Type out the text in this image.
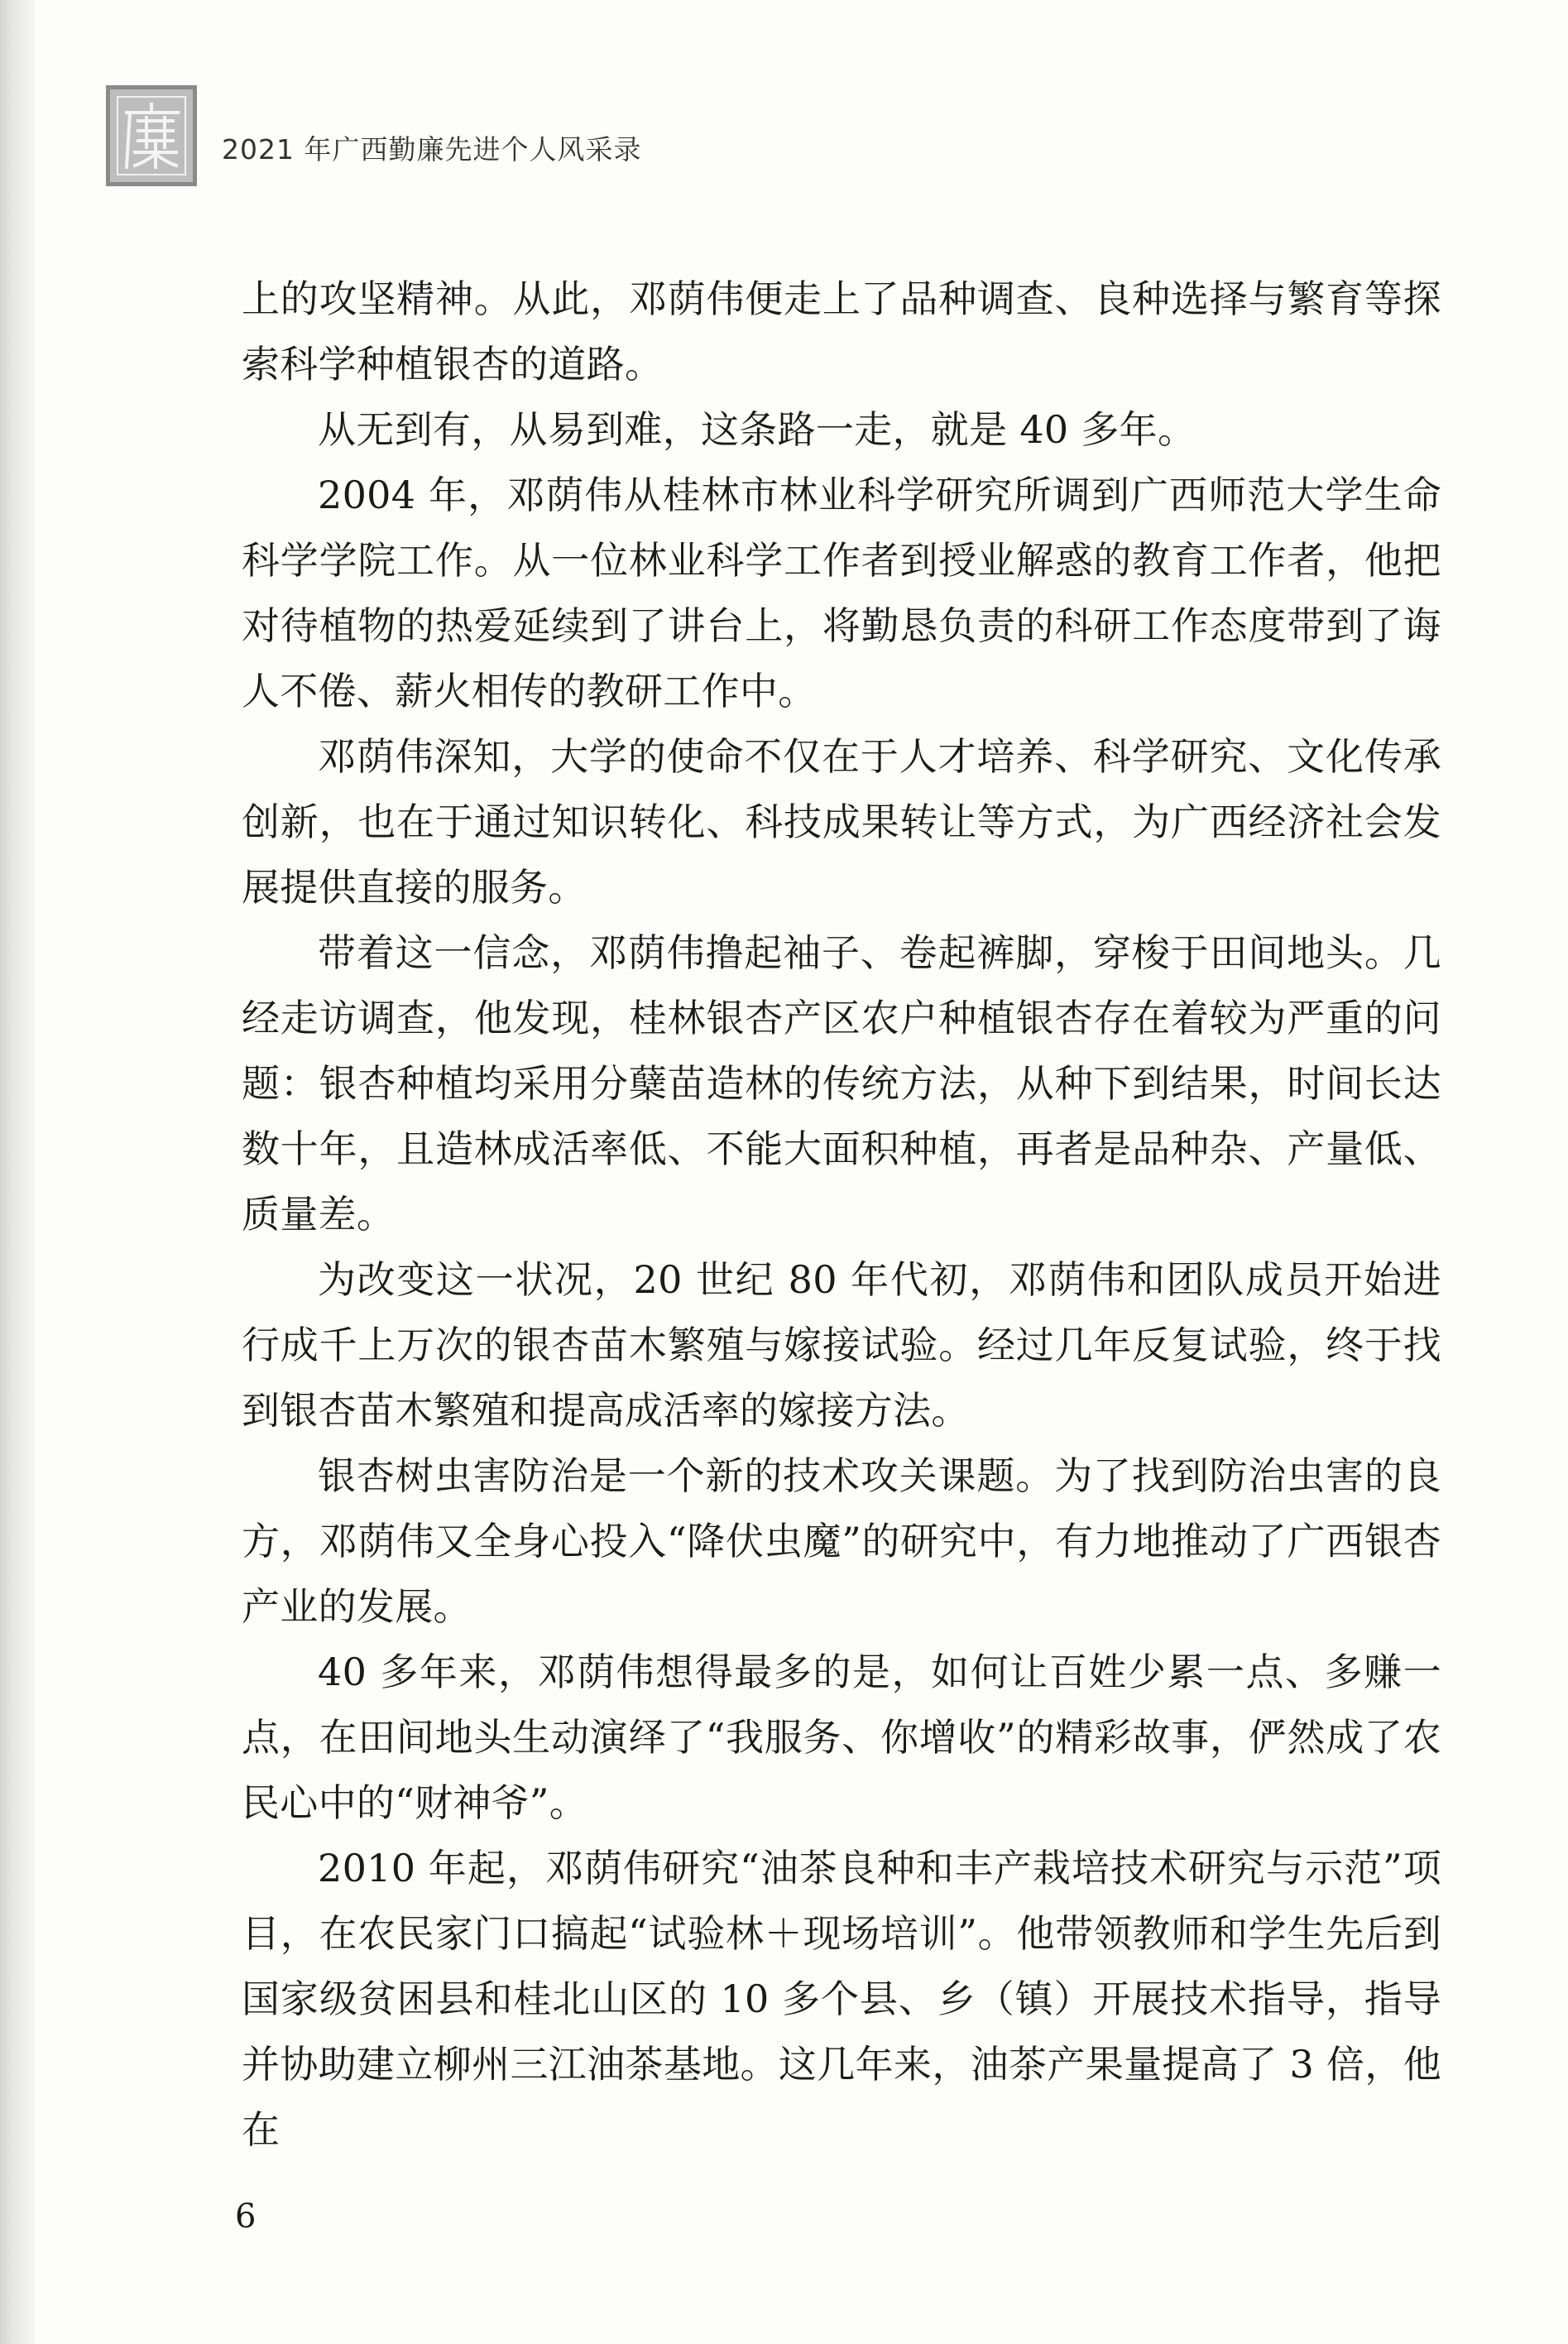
2021 年广西勤廉先进个人风采录

上的攻坚精神。从此，邓荫伟便走上了品种调查、良种选择与繁育等探索科学种植银杏的道路。

从无到有，从易到难，这条路一走，就是 40 多年。

2004 年，邓荫伟从桂林市林业科学研究所调到广西师范大学生命科学学院工作。从一位林业科学工作者到授业解惑的教育工作者，他把对待植物的热爱延续到了讲台上，将勤恳负责的科研工作态度带到了诲人不倦、薪火相传的教研工作中。

邓荫伟深知，大学的使命不仅在于人才培养、科学研究、文化传承创新，也在于通过知识转化、科技成果转让等方式，为广西经济社会发展提供直接的服务。

带着这一信念，邓荫伟撸起袖子、卷起裤脚，穿梭于田间地头。几经走访调查，他发现，桂林银杏产区农户种植银杏存在着较为严重的问题：银杏种植均采用分蘖苗造林的传统方法，从种下到结果，时间长达数十年，且造林成活率低、不能大面积种植，再者是品种杂、产量低、质量差。

为改变这一状况，20 世纪 80 年代初，邓荫伟和团队成员开始进行成千上万次的银杏苗木繁殖与嫁接试验。经过几年反复试验，终于找到银杏苗木繁殖和提高成活率的嫁接方法。

银杏树虫害防治是一个新的技术攻关课题。为了找到防治虫害的良方，邓荫伟又全身心投入“降伏虫魔”的研究中，有力地推动了广西银杏产业的发展。

40 多年来，邓荫伟想得最多的是，如何让百姓少累一点、多赚一点，在田间地头生动演绎了“我服务、你增收”的精彩故事，俨然成了农民心中的“财神爷”。

2010 年起，邓荫伟研究“油茶良种和丰产栽培技术研究与示范”项目，在农民家门口搞起“试验林＋现场培训”。他带领教师和学生先后到国家级贫困县和桂北山区的 10 多个县、乡（镇）开展技术指导，指导并协助建立柳州三江油茶基地。这几年来，油茶产果量提高了 3 倍，他在

6
